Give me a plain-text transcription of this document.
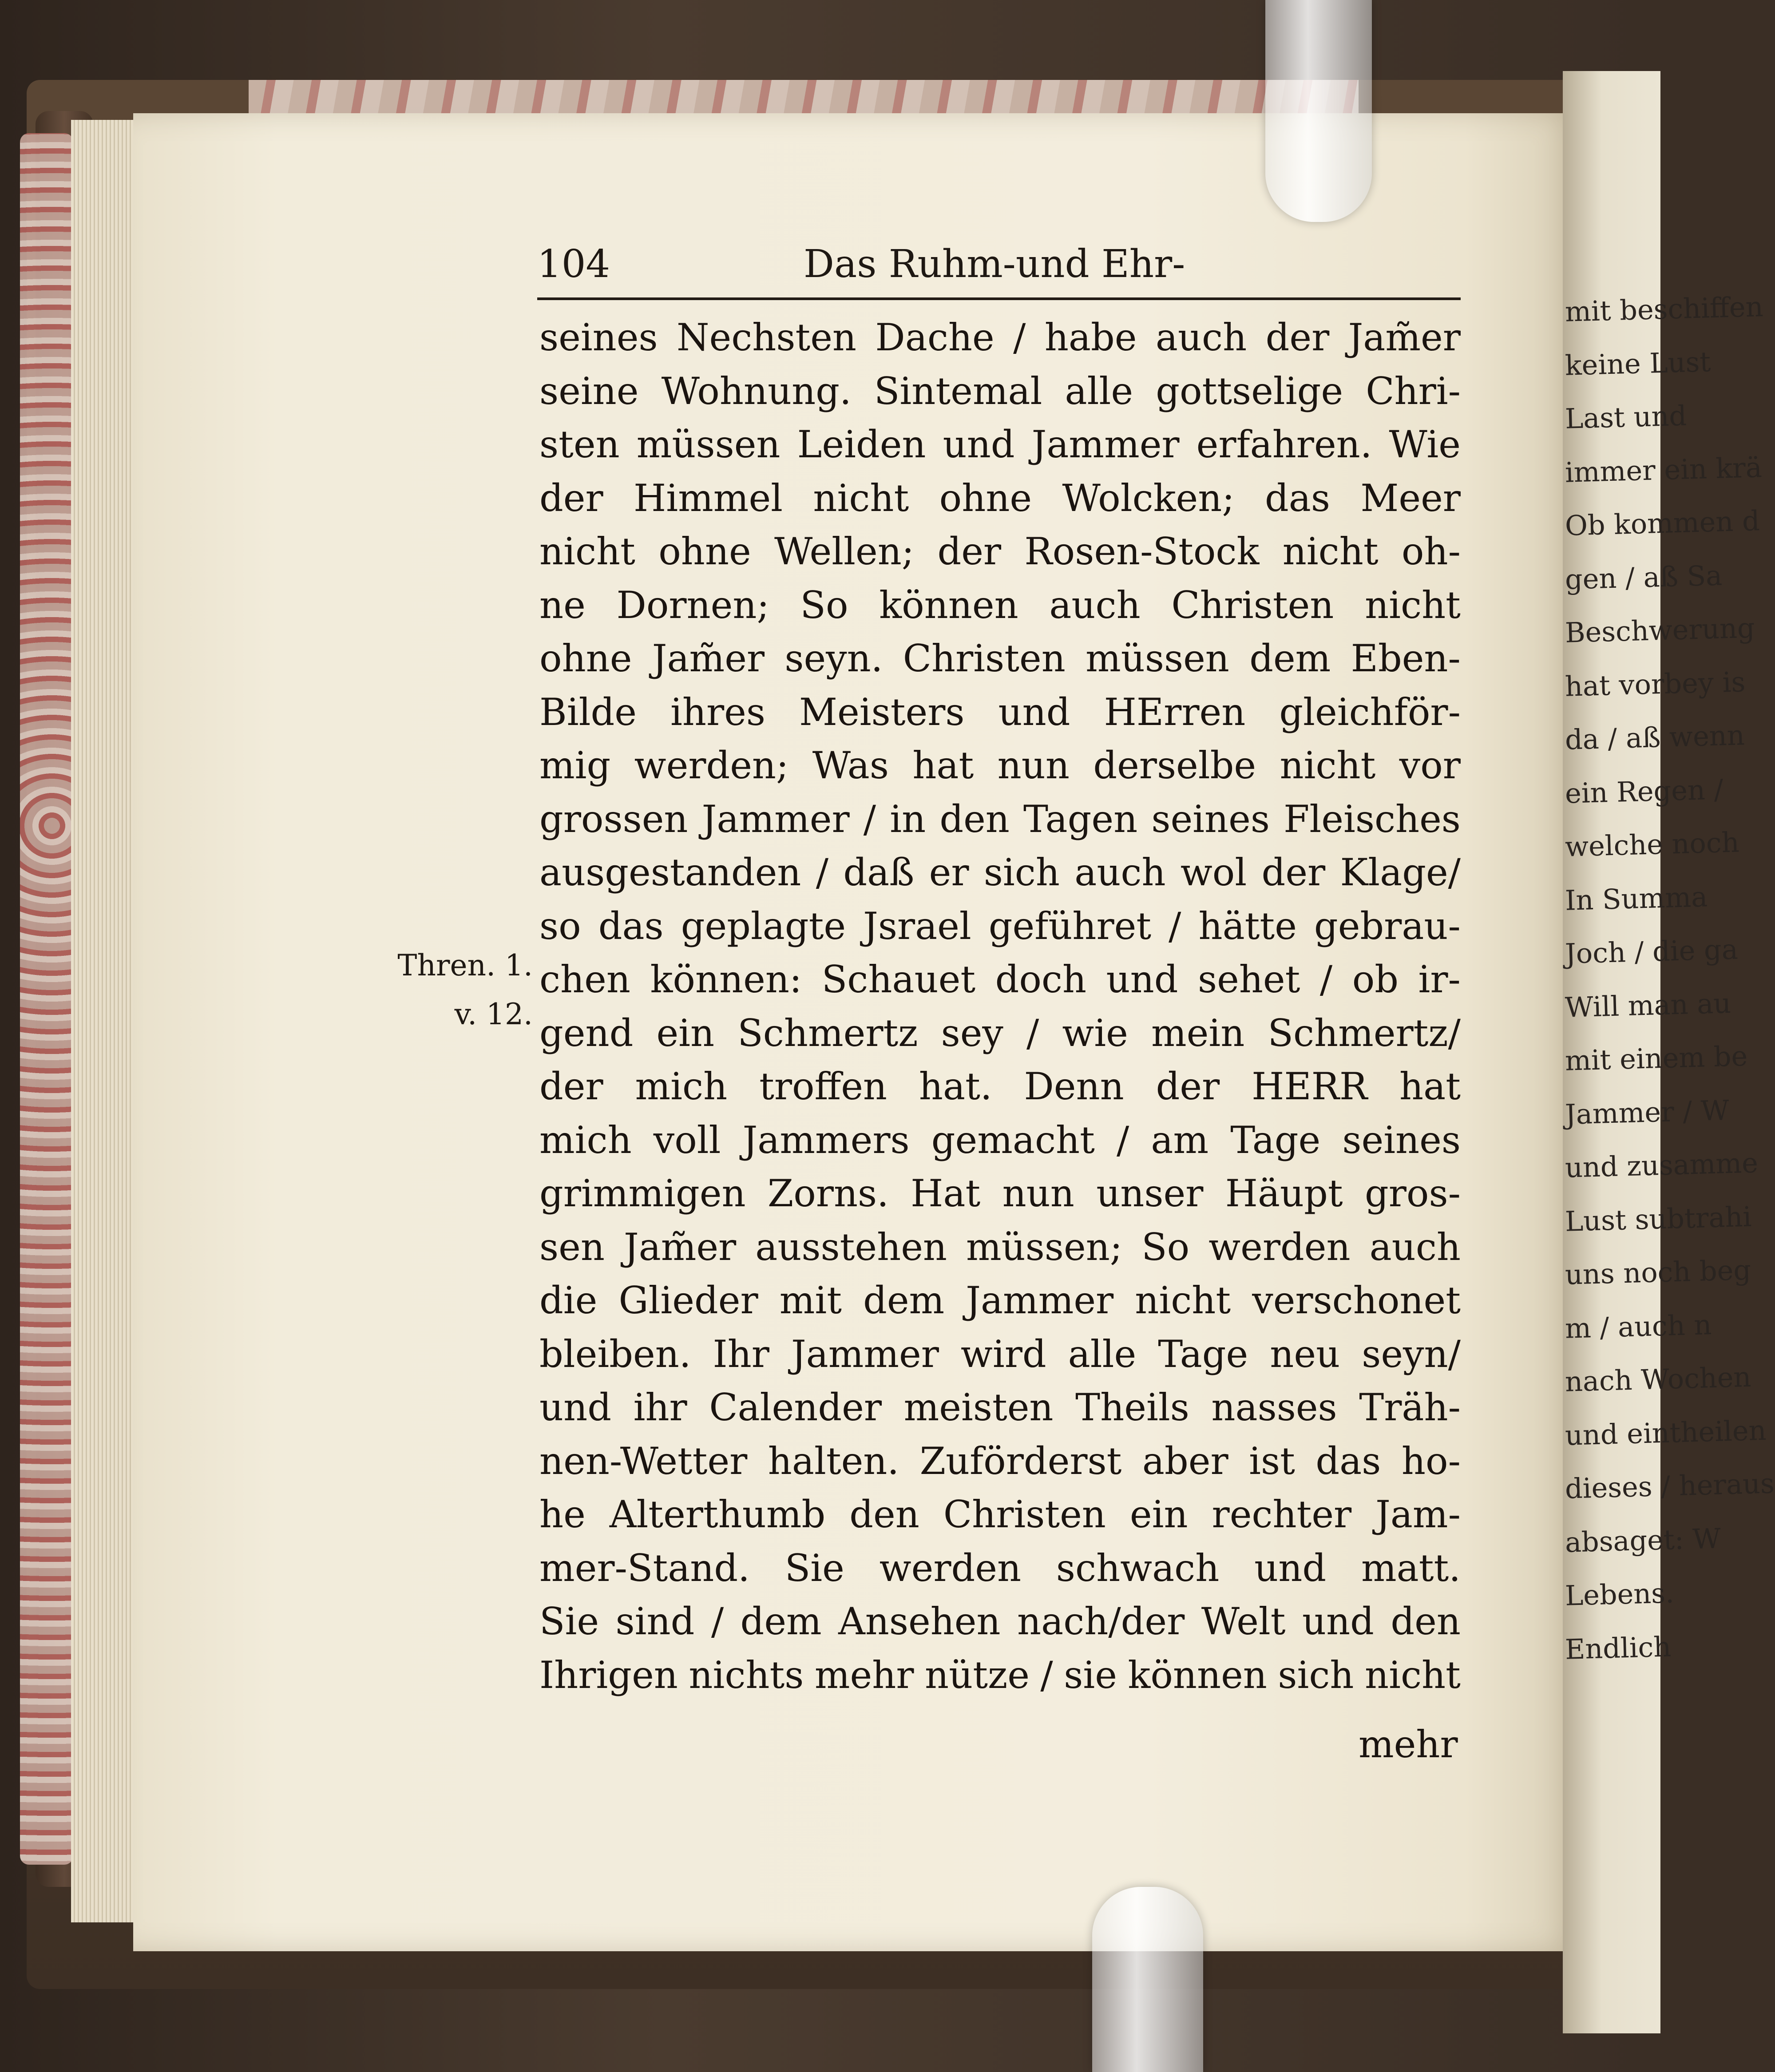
mit beschiffen
keine Lust
Last und
immer ein krä
Ob kommen d
gen / aß Sa
Beschwerung
hat vorbey is
da / aß wenn
ein Regen /
welche noch
In Summa
Joch / die ga
Will man au
mit einem be
Jammer / W
und zusamme
Lust subtrahi
uns noch beg
m / auch n
nach Wochen
und eintheilen
dieses / heraus
absaget: W
Lebens.
Endlich
104	Das Ruhm-und Ehr-
Thren. 1.
v. 12.
seines Nechsten Dache / habe auch der Jam̃er
seine Wohnung. Sintemal alle gottselige Chri-
sten müssen Leiden und Jammer erfahren. Wie
der Himmel nicht ohne Wolcken; das Meer
nicht ohne Wellen; der Rosen-Stock nicht oh-
ne Dornen; So können auch Christen nicht
ohne Jam̃er seyn. Christen müssen dem Eben-
Bilde ihres Meisters und HErren gleichför-
mig werden; Was hat nun derselbe nicht vor
grossen Jammer / in den Tagen seines Fleisches
ausgestanden / daß er sich auch wol der Klage/
so das geplagte Jsrael geführet / hätte gebrau-
chen können: Schauet doch und sehet / ob ir-
gend ein Schmertz sey / wie mein Schmertz/
der mich troffen hat. Denn der HERR hat
mich voll Jammers gemacht / am Tage seines
grimmigen Zorns. Hat nun unser Häupt gros-
sen Jam̃er ausstehen müssen; So werden auch
die Glieder mit dem Jammer nicht verschonet
bleiben. Ihr Jammer wird alle Tage neu seyn/
und ihr Calender meisten Theils nasses Träh-
nen-Wetter halten. Zuförderst aber ist das ho-
he Alterthumb den Christen ein rechter Jam-
mer-Stand. Sie werden schwach und matt.
Sie sind / dem Ansehen nach/der Welt und den
Ihrigen nichts mehr nütze / sie können sich nicht
mehr
